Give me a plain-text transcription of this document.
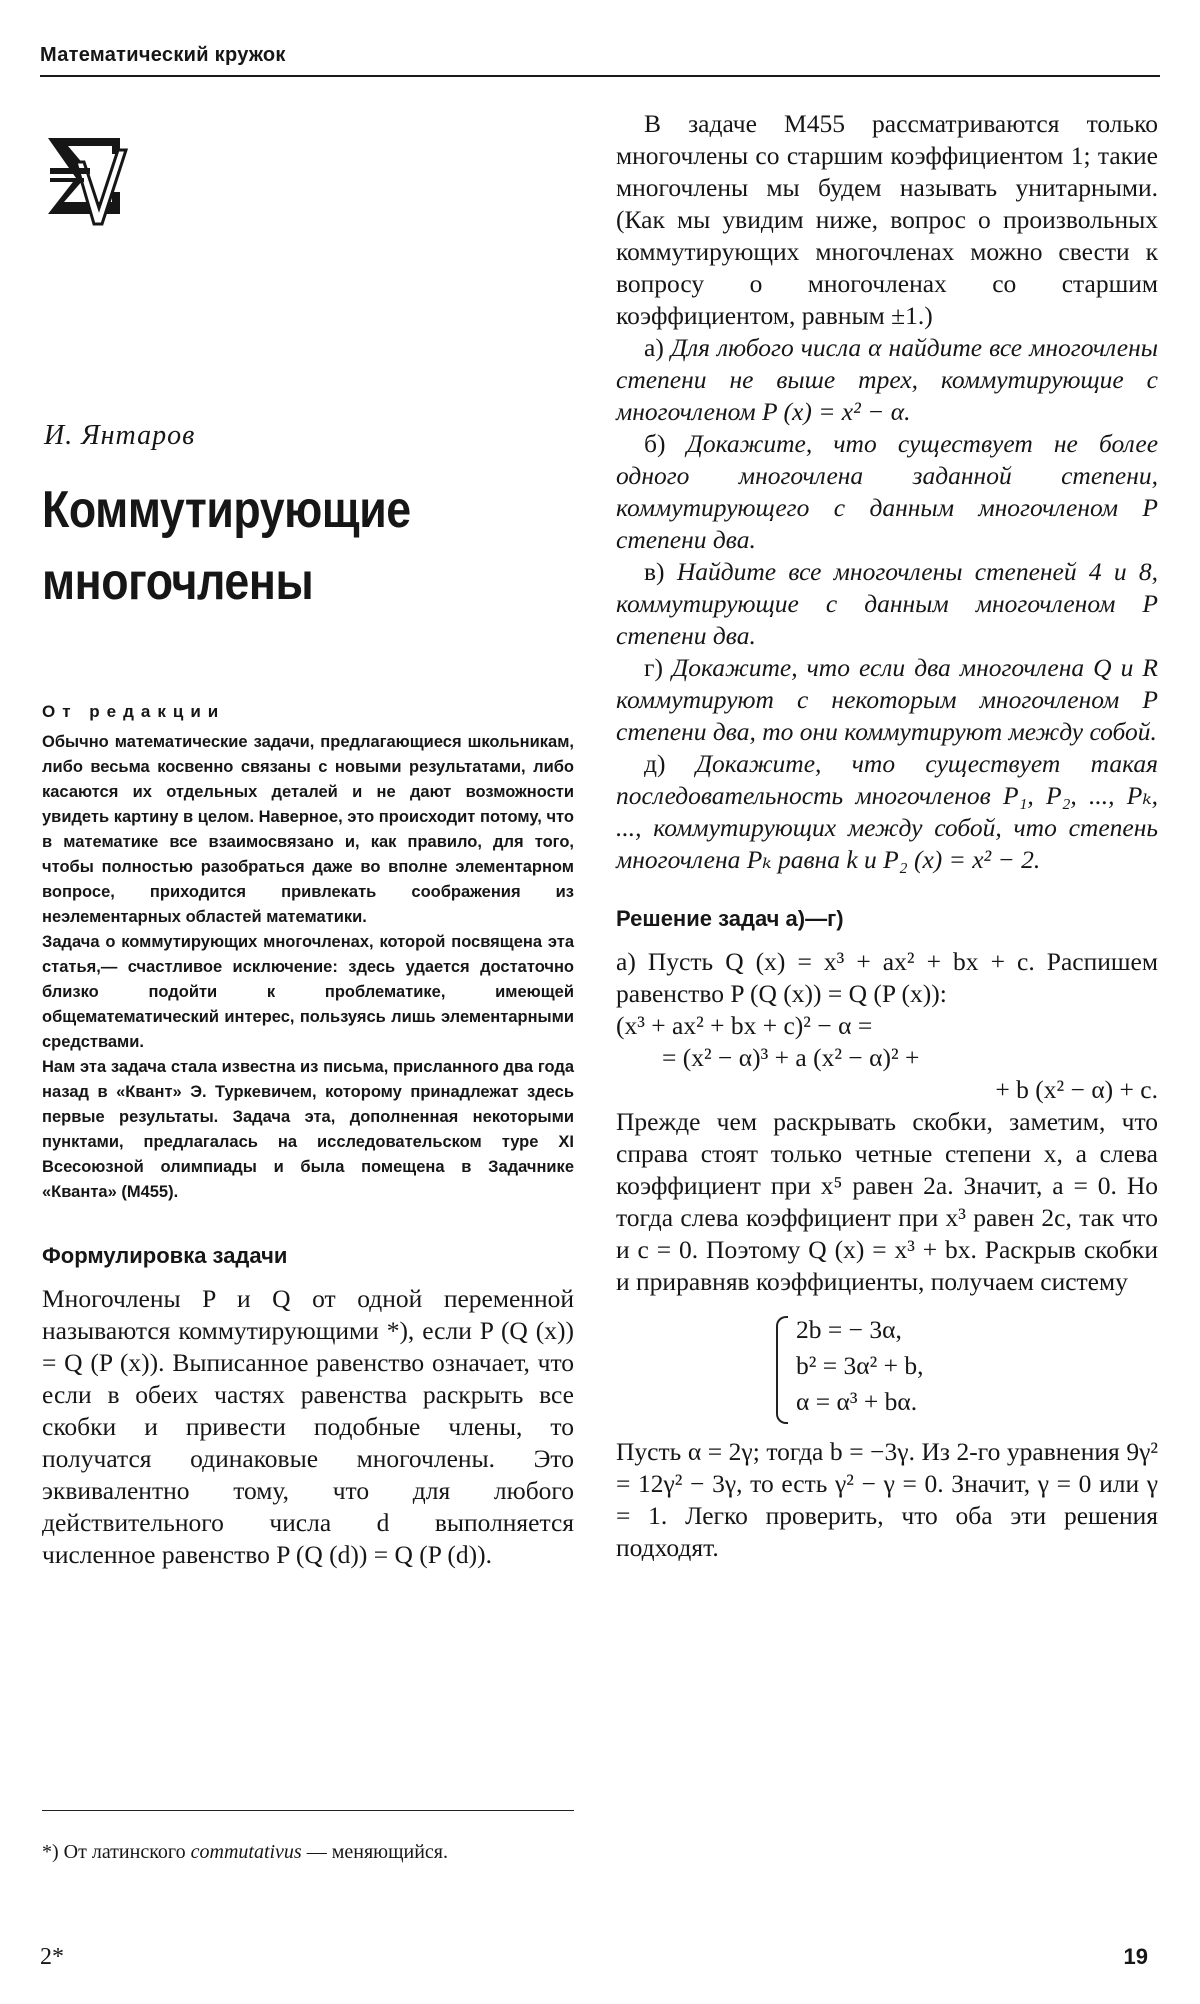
Математический кружок
И. Янтаров
Коммутирующие
многочлены
От редакции

Обычно математические задачи, предлагающиеся школьникам, либо весьма косвенно связаны с новыми результатами, либо касаются их отдельных деталей и не дают возможности увидеть картину в целом. Наверное, это происходит потому, что в математике все взаимосвязано и, как правило, для того, чтобы полностью разобраться даже во вполне элементарном вопросе, приходится привлекать соображения из неэлементарных областей математики.

Задача о коммутирующих многочленах, которой посвящена эта статья,— счастливое исключение: здесь удается достаточно близко подойти к проблематике, имеющей общематематический интерес, пользуясь лишь элементарными средствами.

Нам эта задача стала известна из письма, присланного два года назад в «Квант» Э. Туркевичем, которому принадлежат здесь первые результаты. Задача эта, дополненная некоторыми пунктами, предлагалась на исследовательском туре XI Всесоюзной олимпиады и была помещена в Задачнике «Кванта» (М455).

Формулировка задачи

Многочлены P и Q от одной переменной называются коммутирующими *), если P (Q (x)) = Q (P (x)). Выписанное равенство означает, что если в обеих частях равенства раскрыть все скобки и привести подобные члены, то получатся одинаковые многочлены. Это эквивалентно тому, что для любого действительного числа d выполняется численное равенство P (Q (d)) = Q (P (d)).

*) От латинского commutativus — меняющийся.

В задаче М455 рассматриваются только многочлены со старшим коэффициентом 1; такие многочлены мы будем называть унитарными. (Как мы увидим ниже, вопрос о произвольных коммутирующих многочленах можно свести к вопросу о многочленах со старшим коэффициентом, равным ±1.)

а) Для любого числа α найдите все многочлены степени не выше трех, коммутирующие с многочленом P (x) = x² − α.

б) Докажите, что существует не более одного многочлена заданной степени, коммутирующего с данным многочленом P степени два.

в) Найдите все многочлены степеней 4 и 8, коммутирующие с данным многочленом P степени два.

г) Докажите, что если два многочлена Q и R коммутируют с некоторым многочленом P степени два, то они коммутируют между собой.

д) Докажите, что существует такая последовательность многочленов P₁, P₂, ..., Pₖ, ..., коммутирующих между собой, что степень многочлена Pₖ равна k и P₂ (x) = x² − 2.

Решение задач а)—г)

а) Пусть Q (x) = x³ + ax² + bx + c. Распишем равенство P (Q (x)) = Q (P (x)):

(x³ + ax² + bx + c)² − α =

= (x² − α)³ + a (x² − α)² +

+ b (x² − α) + c.

Прежде чем раскрывать скобки, заметим, что справа стоят только четные степени x, а слева коэффициент при x⁵ равен 2a. Значит, a = 0. Но тогда слева коэффициент при x³ равен 2c, так что и c = 0. Поэтому Q (x) = x³ + bx. Раскрыв скобки и приравняв коэффициенты, получаем систему

2b = − 3α,
b² = 3α² + b,
α = α³ + bα.

Пусть α = 2γ; тогда b = −3γ. Из 2-го уравнения 9γ² = 12γ² − 3γ, то есть γ² − γ = 0. Значит, γ = 0 или γ = 1. Легко проверить, что оба эти решения подходят.

2*	19
